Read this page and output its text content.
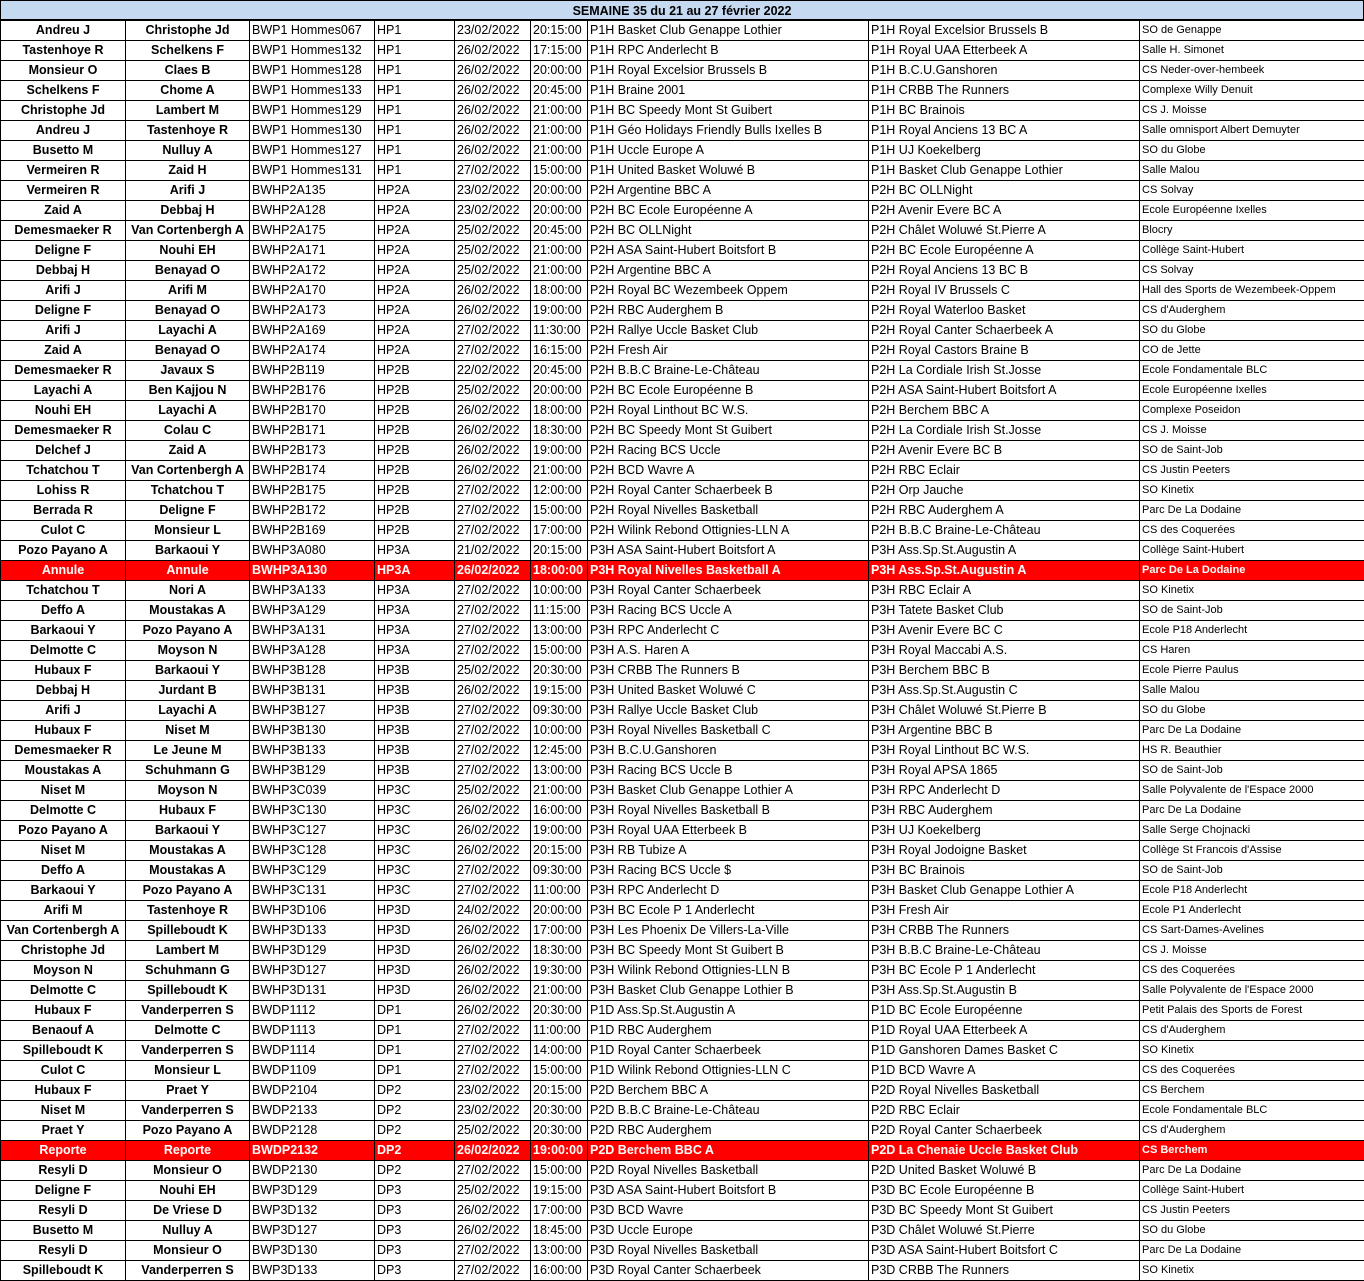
SEMAINE 35 du 21 au 27 février 2022
Andreu J	Christophe Jd	BWP1 Hommes067	HP1	23/02/2022	20:15:00	P1H Basket Club Genappe Lothier	P1H Royal Excelsior Brussels B	SO de Genappe
Tastenhoye R	Schelkens F	BWP1 Hommes132	HP1	26/02/2022	17:15:00	P1H RPC Anderlecht B	P1H Royal UAA Etterbeek A	Salle H. Simonet
Monsieur O	Claes B	BWP1 Hommes128	HP1	26/02/2022	20:00:00	P1H Royal Excelsior Brussels B	P1H B.C.U.Ganshoren	CS Neder-over-hembeek
Schelkens F	Chome A	BWP1 Hommes133	HP1	26/02/2022	20:45:00	P1H Braine 2001	P1H CRBB The Runners	Complexe Willy Denuit
Christophe Jd	Lambert M	BWP1 Hommes129	HP1	26/02/2022	21:00:00	P1H BC Speedy Mont St Guibert	P1H BC Brainois	CS J. Moisse
Andreu J	Tastenhoye R	BWP1 Hommes130	HP1	26/02/2022	21:00:00	P1H Géo Holidays Friendly Bulls Ixelles B	P1H Royal Anciens 13 BC A	Salle omnisport Albert Demuyter
Busetto M	Nulluy A	BWP1 Hommes127	HP1	26/02/2022	21:00:00	P1H Uccle Europe A	P1H UJ Koekelberg	SO du Globe
Vermeiren R	Zaid H	BWP1 Hommes131	HP1	27/02/2022	15:00:00	P1H United Basket Woluwé B	P1H Basket Club Genappe Lothier	Salle Malou
Vermeiren R	Arifi J	BWHP2A135	HP2A	23/02/2022	20:00:00	P2H Argentine BBC A	P2H BC OLLNight	CS Solvay
Zaid A	Debbaj H	BWHP2A128	HP2A	23/02/2022	20:00:00	P2H BC Ecole Européenne A	P2H Avenir Evere BC A	Ecole Européenne Ixelles
Demesmaeker R	Van Cortenbergh A	BWHP2A175	HP2A	25/02/2022	20:45:00	P2H BC OLLNight	P2H Châlet Woluwé St.Pierre A	Blocry
Deligne F	Nouhi EH	BWHP2A171	HP2A	25/02/2022	21:00:00	P2H ASA Saint-Hubert Boitsfort B	P2H BC Ecole Européenne A	Collège Saint-Hubert
Debbaj H	Benayad O	BWHP2A172	HP2A	25/02/2022	21:00:00	P2H Argentine BBC A	P2H Royal Anciens 13 BC B	CS Solvay
Arifi J	Arifi M	BWHP2A170	HP2A	26/02/2022	18:00:00	P2H Royal BC Wezembeek Oppem	P2H Royal IV Brussels C	Hall des Sports de Wezembeek-Oppem
Deligne F	Benayad O	BWHP2A173	HP2A	26/02/2022	19:00:00	P2H RBC Auderghem B	P2H Royal Waterloo Basket	CS d'Auderghem
Arifi J	Layachi A	BWHP2A169	HP2A	27/02/2022	11:30:00	P2H Rallye Uccle Basket Club	P2H Royal Canter Schaerbeek A	SO du Globe
Zaid A	Benayad O	BWHP2A174	HP2A	27/02/2022	16:15:00	P2H Fresh Air	P2H Royal Castors Braine B	CO de Jette
Demesmaeker R	Javaux S	BWHP2B119	HP2B	22/02/2022	20:45:00	P2H B.B.C Braine-Le-Château	P2H La Cordiale Irish St.Josse	Ecole Fondamentale BLC
Layachi A	Ben Kajjou N	BWHP2B176	HP2B	25/02/2022	20:00:00	P2H BC Ecole Européenne B	P2H ASA Saint-Hubert Boitsfort A	Ecole Européenne Ixelles
Nouhi EH	Layachi A	BWHP2B170	HP2B	26/02/2022	18:00:00	P2H Royal Linthout BC W.S.	P2H Berchem BBC A	Complexe Poseidon
Demesmaeker R	Colau C	BWHP2B171	HP2B	26/02/2022	18:30:00	P2H BC Speedy Mont St Guibert	P2H La Cordiale Irish St.Josse	CS J. Moisse
Delchef J	Zaid A	BWHP2B173	HP2B	26/02/2022	19:00:00	P2H Racing BCS Uccle	P2H Avenir Evere BC B	SO de Saint-Job
Tchatchou T	Van Cortenbergh A	BWHP2B174	HP2B	26/02/2022	21:00:00	P2H BCD Wavre A	P2H RBC Eclair	CS Justin Peeters
Lohiss R	Tchatchou T	BWHP2B175	HP2B	27/02/2022	12:00:00	P2H Royal Canter Schaerbeek B	P2H Orp Jauche	SO Kinetix
Berrada R	Deligne F	BWHP2B172	HP2B	27/02/2022	15:00:00	P2H Royal Nivelles Basketball	P2H RBC Auderghem A	Parc De La Dodaine
Culot C	Monsieur L	BWHP2B169	HP2B	27/02/2022	17:00:00	P2H Wilink Rebond Ottignies-LLN A	P2H B.B.C Braine-Le-Château	CS des Coquerées
Pozo Payano A	Barkaoui Y	BWHP3A080	HP3A	21/02/2022	20:15:00	P3H ASA Saint-Hubert Boitsfort A	P3H Ass.Sp.St.Augustin A	Collège Saint-Hubert
Annule	Annule	BWHP3A130	HP3A	26/02/2022	18:00:00	P3H Royal Nivelles Basketball A	P3H Ass.Sp.St.Augustin A	Parc De La Dodaine
Tchatchou T	Nori A	BWHP3A133	HP3A	27/02/2022	10:00:00	P3H Royal Canter Schaerbeek	P3H RBC Eclair A	SO Kinetix
Deffo A	Moustakas A	BWHP3A129	HP3A	27/02/2022	11:15:00	P3H Racing BCS Uccle A	P3H Tatete Basket Club	SO de Saint-Job
Barkaoui Y	Pozo Payano A	BWHP3A131	HP3A	27/02/2022	13:00:00	P3H RPC Anderlecht C	P3H Avenir Evere BC C	Ecole P18 Anderlecht
Delmotte C	Moyson N	BWHP3A128	HP3A	27/02/2022	15:00:00	P3H A.S. Haren A	P3H Royal Maccabi A.S.	CS Haren
Hubaux F	Barkaoui Y	BWHP3B128	HP3B	25/02/2022	20:30:00	P3H CRBB The Runners B	P3H Berchem BBC B	Ecole Pierre Paulus
Debbaj H	Jurdant B	BWHP3B131	HP3B	26/02/2022	19:15:00	P3H United Basket Woluwé C	P3H Ass.Sp.St.Augustin C	Salle Malou
Arifi J	Layachi A	BWHP3B127	HP3B	27/02/2022	09:30:00	P3H Rallye Uccle Basket Club	P3H Châlet Woluwé St.Pierre B	SO du Globe
Hubaux F	Niset M	BWHP3B130	HP3B	27/02/2022	10:00:00	P3H Royal Nivelles Basketball C	P3H Argentine BBC B	Parc De La Dodaine
Demesmaeker R	Le Jeune M	BWHP3B133	HP3B	27/02/2022	12:45:00	P3H B.C.U.Ganshoren	P3H Royal Linthout BC W.S.	HS R. Beauthier
Moustakas A	Schuhmann G	BWHP3B129	HP3B	27/02/2022	13:00:00	P3H Racing BCS Uccle B	P3H Royal APSA 1865	SO de Saint-Job
Niset M	Moyson N	BWHP3C039	HP3C	25/02/2022	21:00:00	P3H Basket Club Genappe Lothier A	P3H RPC Anderlecht D	Salle Polyvalente de l'Espace 2000
Delmotte C	Hubaux F	BWHP3C130	HP3C	26/02/2022	16:00:00	P3H Royal Nivelles Basketball B	P3H RBC Auderghem	Parc De La Dodaine
Pozo Payano A	Barkaoui Y	BWHP3C127	HP3C	26/02/2022	19:00:00	P3H Royal UAA Etterbeek B	P3H UJ Koekelberg	Salle Serge Chojnacki
Niset M	Moustakas A	BWHP3C128	HP3C	26/02/2022	20:15:00	P3H RB Tubize A	P3H Royal Jodoigne Basket	Collège St Francois d'Assise
Deffo A	Moustakas A	BWHP3C129	HP3C	27/02/2022	09:30:00	P3H Racing BCS Uccle $	P3H BC Brainois	SO de Saint-Job
Barkaoui Y	Pozo Payano A	BWHP3C131	HP3C	27/02/2022	11:00:00	P3H RPC Anderlecht D	P3H Basket Club Genappe Lothier A	Ecole P18 Anderlecht
Arifi M	Tastenhoye R	BWHP3D106	HP3D	24/02/2022	20:00:00	P3H BC Ecole P 1 Anderlecht	P3H Fresh Air	Ecole P1 Anderlecht
Van Cortenbergh A	Spilleboudt K	BWHP3D133	HP3D	26/02/2022	17:00:00	P3H Les Phoenix De Villers-La-Ville	P3H CRBB The Runners	CS Sart-Dames-Avelines
Christophe Jd	Lambert M	BWHP3D129	HP3D	26/02/2022	18:30:00	P3H BC Speedy Mont St Guibert B	P3H B.B.C Braine-Le-Château	CS J. Moisse
Moyson N	Schuhmann G	BWHP3D127	HP3D	26/02/2022	19:30:00	P3H Wilink Rebond Ottignies-LLN B	P3H BC Ecole P 1 Anderlecht	CS des Coquerées
Delmotte C	Spilleboudt K	BWHP3D131	HP3D	26/02/2022	21:00:00	P3H Basket Club Genappe Lothier B	P3H Ass.Sp.St.Augustin B	Salle Polyvalente de l'Espace 2000
Hubaux F	Vanderperren S	BWDP1112	DP1	26/02/2022	20:30:00	P1D Ass.Sp.St.Augustin A	P1D BC Ecole Européenne	Petit Palais des Sports de Forest
Benaouf A	Delmotte C	BWDP1113	DP1	27/02/2022	11:00:00	P1D RBC Auderghem	P1D Royal UAA Etterbeek A	CS d'Auderghem
Spilleboudt K	Vanderperren S	BWDP1114	DP1	27/02/2022	14:00:00	P1D Royal Canter Schaerbeek	P1D Ganshoren Dames Basket C	SO Kinetix
Culot C	Monsieur L	BWDP1109	DP1	27/02/2022	15:00:00	P1D Wilink Rebond Ottignies-LLN C	P1D BCD Wavre A	CS des Coquerées
Hubaux F	Praet Y	BWDP2104	DP2	23/02/2022	20:15:00	P2D Berchem BBC A	P2D Royal Nivelles Basketball	CS Berchem
Niset M	Vanderperren S	BWDP2133	DP2	23/02/2022	20:30:00	P2D B.B.C Braine-Le-Château	P2D RBC Eclair	Ecole Fondamentale BLC
Praet Y	Pozo Payano A	BWDP2128	DP2	25/02/2022	20:30:00	P2D RBC Auderghem	P2D Royal Canter Schaerbeek	CS d'Auderghem
Reporte	Reporte	BWDP2132	DP2	26/02/2022	19:00:00	P2D Berchem BBC A	P2D La Chenaie Uccle Basket Club	CS Berchem
Resyli D	Monsieur O	BWDP2130	DP2	27/02/2022	15:00:00	P2D Royal Nivelles Basketball	P2D United Basket Woluwé B	Parc De La Dodaine
Deligne F	Nouhi EH	BWP3D129	DP3	25/02/2022	19:15:00	P3D ASA Saint-Hubert Boitsfort B	P3D BC Ecole Européenne B	Collège Saint-Hubert
Resyli D	De Vriese D	BWP3D132	DP3	26/02/2022	17:00:00	P3D BCD Wavre	P3D BC Speedy Mont St Guibert	CS Justin Peeters
Busetto M	Nulluy A	BWP3D127	DP3	26/02/2022	18:45:00	P3D Uccle Europe	P3D Châlet Woluwé St.Pierre	SO du Globe
Resyli D	Monsieur O	BWP3D130	DP3	27/02/2022	13:00:00	P3D Royal Nivelles Basketball	P3D ASA Saint-Hubert Boitsfort C	Parc De La Dodaine
Spilleboudt K	Vanderperren S	BWP3D133	DP3	27/02/2022	16:00:00	P3D Royal Canter Schaerbeek	P3D CRBB The Runners	SO Kinetix
